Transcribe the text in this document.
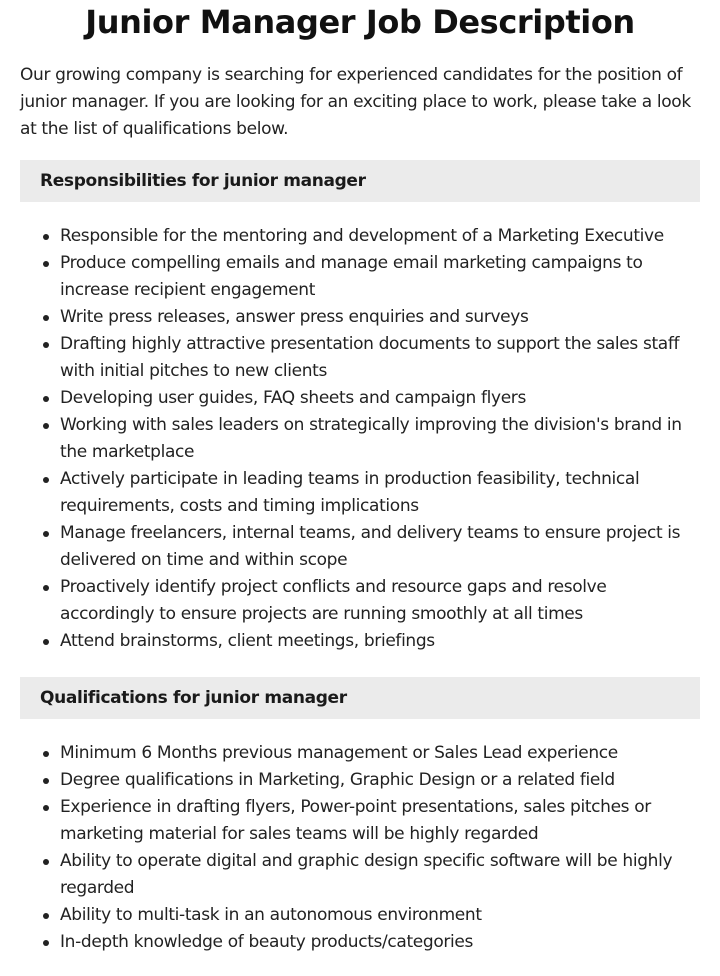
Junior Manager Job Description

Our growing company is searching for experienced candidates for the position of junior manager. If you are looking for an exciting place to work, please take a look at the list of qualifications below.

Responsibilities for junior manager
Responsible for the mentoring and development of a Marketing Executive
Produce compelling emails and manage email marketing campaigns to increase recipient engagement
Write press releases, answer press enquiries and surveys
Drafting highly attractive presentation documents to support the sales staff with initial pitches to new clients
Developing user guides, FAQ sheets and campaign flyers
Working with sales leaders on strategically improving the division's brand in the marketplace
Actively participate in leading teams in production feasibility, technical requirements, costs and timing implications
Manage freelancers, internal teams, and delivery teams to ensure project is delivered on time and within scope
Proactively identify project conflicts and resource gaps and resolve accordingly to ensure projects are running smoothly at all times
Attend brainstorms, client meetings, briefings
Qualifications for junior manager
Minimum 6 Months previous management or Sales Lead experience
Degree qualifications in Marketing, Graphic Design or a related field
Experience in drafting flyers, Power-point presentations, sales pitches or marketing material for sales teams will be highly regarded
Ability to operate digital and graphic design specific software will be highly regarded
Ability to multi-task in an autonomous environment
In-depth knowledge of beauty products/categories
